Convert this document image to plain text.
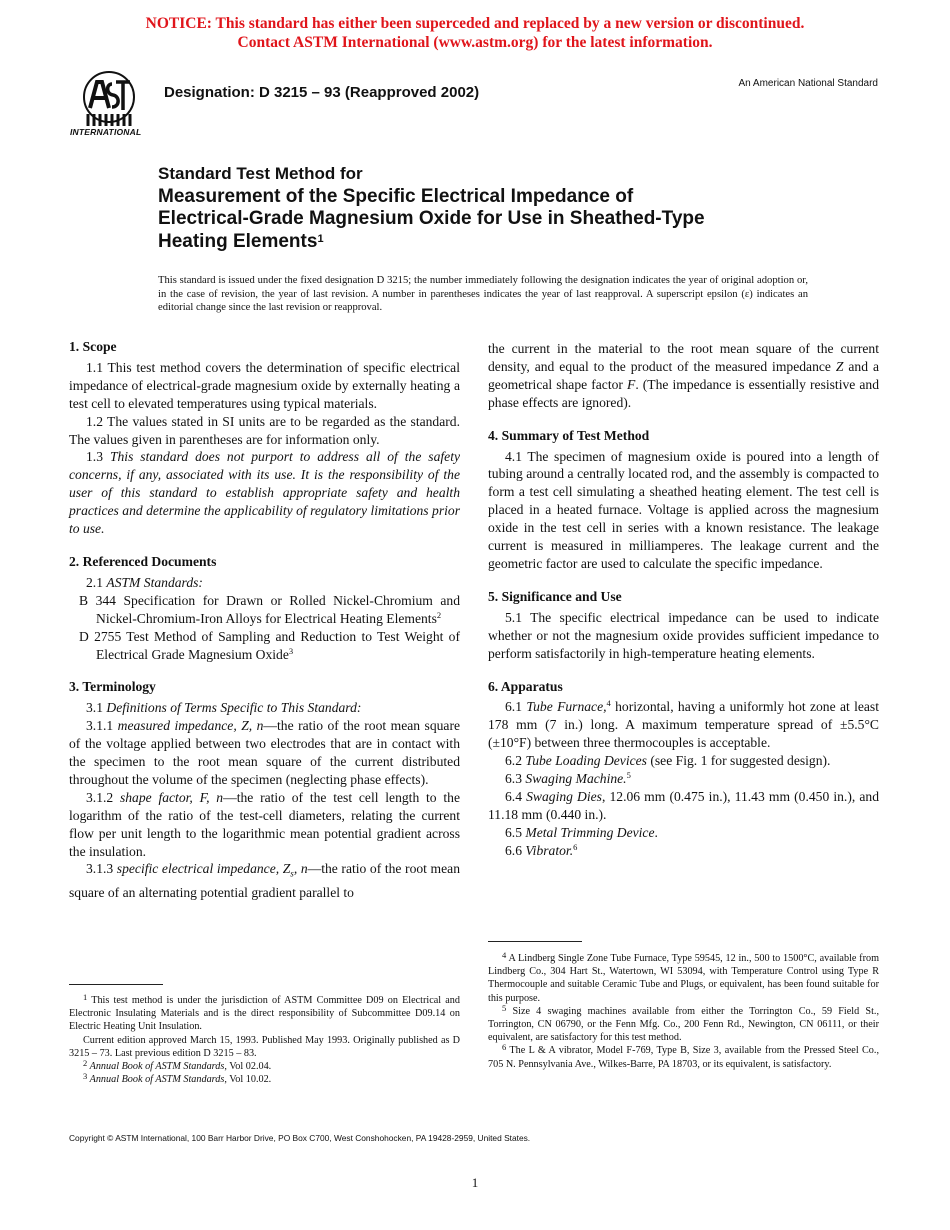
NOTICE: This standard has either been superceded and replaced by a new version or discontinued.
Contact ASTM International (www.astm.org) for the latest information.
INTERNATIONAL
Designation: D 3215 – 93 (Reapproved 2002)
An American National Standard
Standard Test Method for
Measurement of the Specific Electrical Impedance of
Electrical-Grade Magnesium Oxide for Use in Sheathed-Type
Heating Elements$^1$
This standard is issued under the fixed designation D 3215; the number immediately following the designation indicates the year of original adoption or, in the case of revision, the year of last revision. A number in parentheses indicates the year of last reapproval. A superscript epsilon (ε) indicates an editorial change since the last revision or reapproval.
1. Scope

1.1 This test method covers the determination of specific electrical impedance of electrical-grade magnesium oxide by externally heating a test cell to elevated temperatures using typical materials.

1.2 The values stated in SI units are to be regarded as the standard. The values given in parentheses are for information only.

1.3 This standard does not purport to address all of the safety concerns, if any, associated with its use. It is the responsibility of the user of this standard to establish appropriate safety and health practices and determine the applicability of regulatory limitations prior to use.

2. Referenced Documents

2.1 ASTM Standards:

B 344 Specification for Drawn or Rolled Nickel-Chromium and Nickel-Chromium-Iron Alloys for Electrical Heating Elements$^2$

D 2755 Test Method of Sampling and Reduction to Test Weight of Electrical Grade Magnesium Oxide$^3$

3. Terminology

3.1 Definitions of Terms Specific to This Standard:

3.1.1 measured impedance, Z, n—the ratio of the root mean square of the voltage applied between two electrodes that are in contact with the specimen to the root mean square of the current distributed throughout the volume of the specimen (neglecting phase effects).

3.1.2 shape factor, F, n—the ratio of the test cell length to the logarithm of the ratio of the test-cell diameters, relating the current flow per unit length to the logarithmic mean potential gradient across the insulation.

3.1.3 specific electrical impedance, $Z_s$, n—the ratio of the root mean square of an alternating potential gradient parallel to

the current in the material to the root mean square of the current density, and equal to the product of the measured impedance Z and a geometrical shape factor F. (The impedance is essentially resistive and phase effects are ignored).

4. Summary of Test Method

4.1 The specimen of magnesium oxide is poured into a length of tubing around a centrally located rod, and the assembly is compacted to form a test cell simulating a sheathed heating element. The test cell is placed in a heated furnace. Voltage is applied across the magnesium oxide in the test cell in series with a known resistance. The leakage current is measured in milliamperes. The leakage current and the geometric factor are used to calculate the specific impedance.

5. Significance and Use

5.1 The specific electrical impedance can be used to indicate whether or not the magnesium oxide provides sufficient impedance to perform satisfactorily in high-temperature heating elements.

6. Apparatus

6.1 Tube Furnace,$^4$ horizontal, having a uniformly hot zone at least 178 mm (7 in.) long. A maximum temperature spread of ±5.5°C (±10°F) between three thermocouples is acceptable.

6.2 Tube Loading Devices (see Fig. 1 for suggested design).

6.3 Swaging Machine.$^5$

6.4 Swaging Dies, 12.06 mm (0.475 in.), 11.43 mm (0.450 in.), and 11.18 mm (0.440 in.).

6.5 Metal Trimming Device.

6.6 Vibrator.$^6$

$^1$ This test method is under the jurisdiction of ASTM Committee D09 on Electrical and Electronic Insulating Materials and is the direct responsibility of Subcommittee D09.14 on Electric Heating Unit Insulation.

Current edition approved March 15, 1993. Published May 1993. Originally published as D 3215 – 73. Last previous edition D 3215 – 83.

$^2$ Annual Book of ASTM Standards, Vol 02.04.

$^3$ Annual Book of ASTM Standards, Vol 10.02.

$^4$ A Lindberg Single Zone Tube Furnace, Type 59545, 12 in., 500 to 1500°C, available from Lindberg Co., 304 Hart St., Watertown, WI 53094, with Temperature Control using Type R Thermocouple and suitable Ceramic Tube and Plugs, or equivalent, has been found suitable for this purpose.

$^5$ Size 4 swaging machines available from either the Torrington Co., 59 Field St., Torrington, CN 06790, or the Fenn Mfg. Co., 200 Fenn Rd., Newington, CN 06111, or their equivalent, are satisfactory for this test method.

$^6$ The L & A vibrator, Model F-769, Type B, Size 3, available from the Pressed Steel Co., 705 N. Pennsylvania Ave., Wilkes-Barre, PA 18703, or its equivalent, is satisfactory.

Copyright © ASTM International, 100 Barr Harbor Drive, PO Box C700, West Conshohocken, PA 19428-2959, United States.
1
